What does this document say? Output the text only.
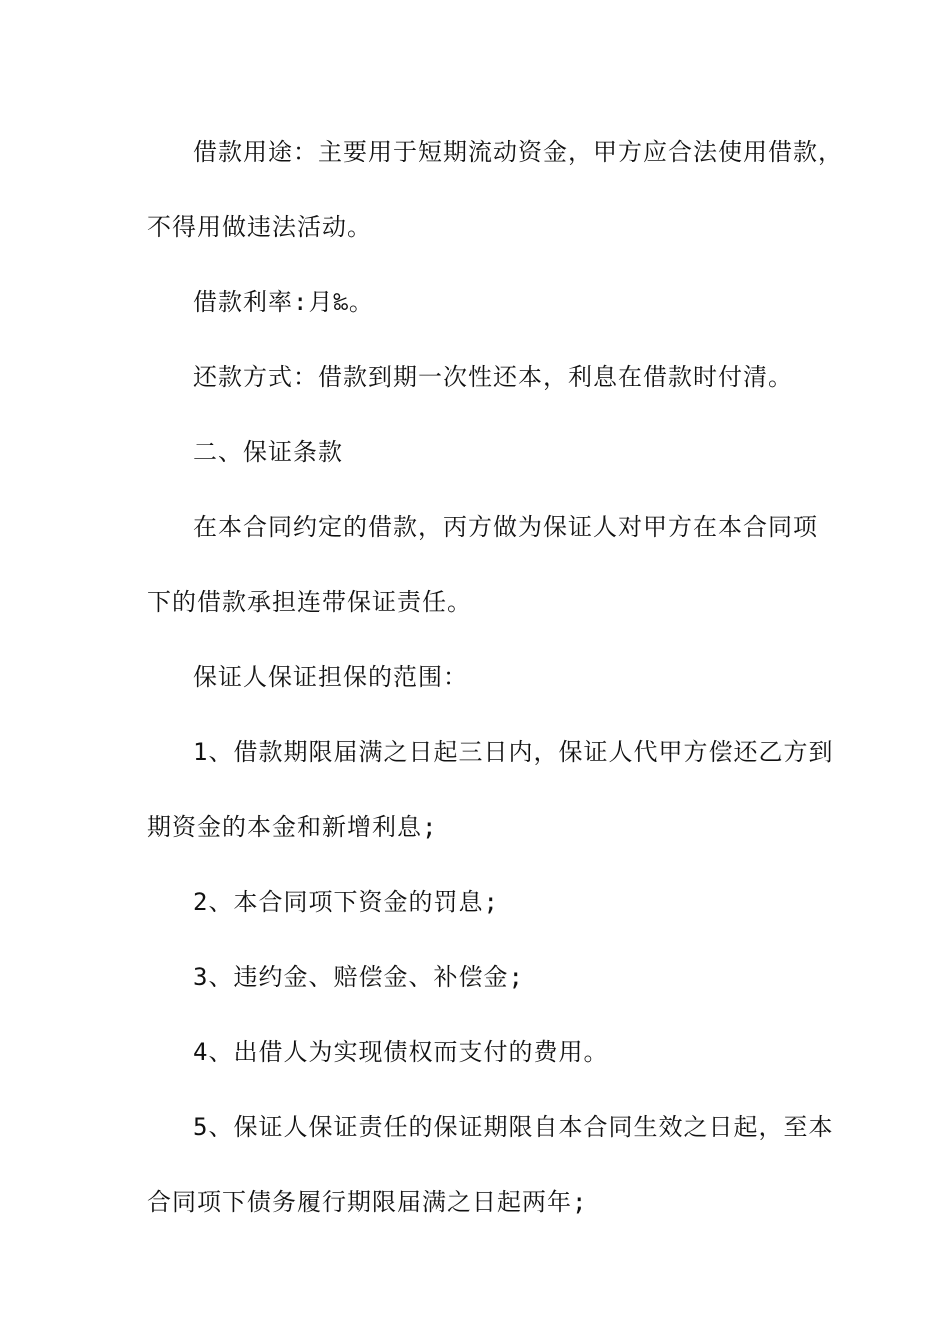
借款用途：主要用于短期流动资金，甲方应合法使用借款，
不得用做违法活动。
借款利率:月‰。
还款方式：借款到期一次性还本，利息在借款时付清。
二、保证条款
在本合同约定的借款，丙方做为保证人对甲方在本合同项
下的借款承担连带保证责任。
保证人保证担保的范围：
1、借款期限届满之日起三日内，保证人代甲方偿还乙方到
期资金的本金和新增利息;
2、本合同项下资金的罚息;
3、违约金、赔偿金、补偿金;
4、出借人为实现债权而支付的费用。
5、保证人保证责任的保证期限自本合同生效之日起，至本
合同项下债务履行期限届满之日起两年;
